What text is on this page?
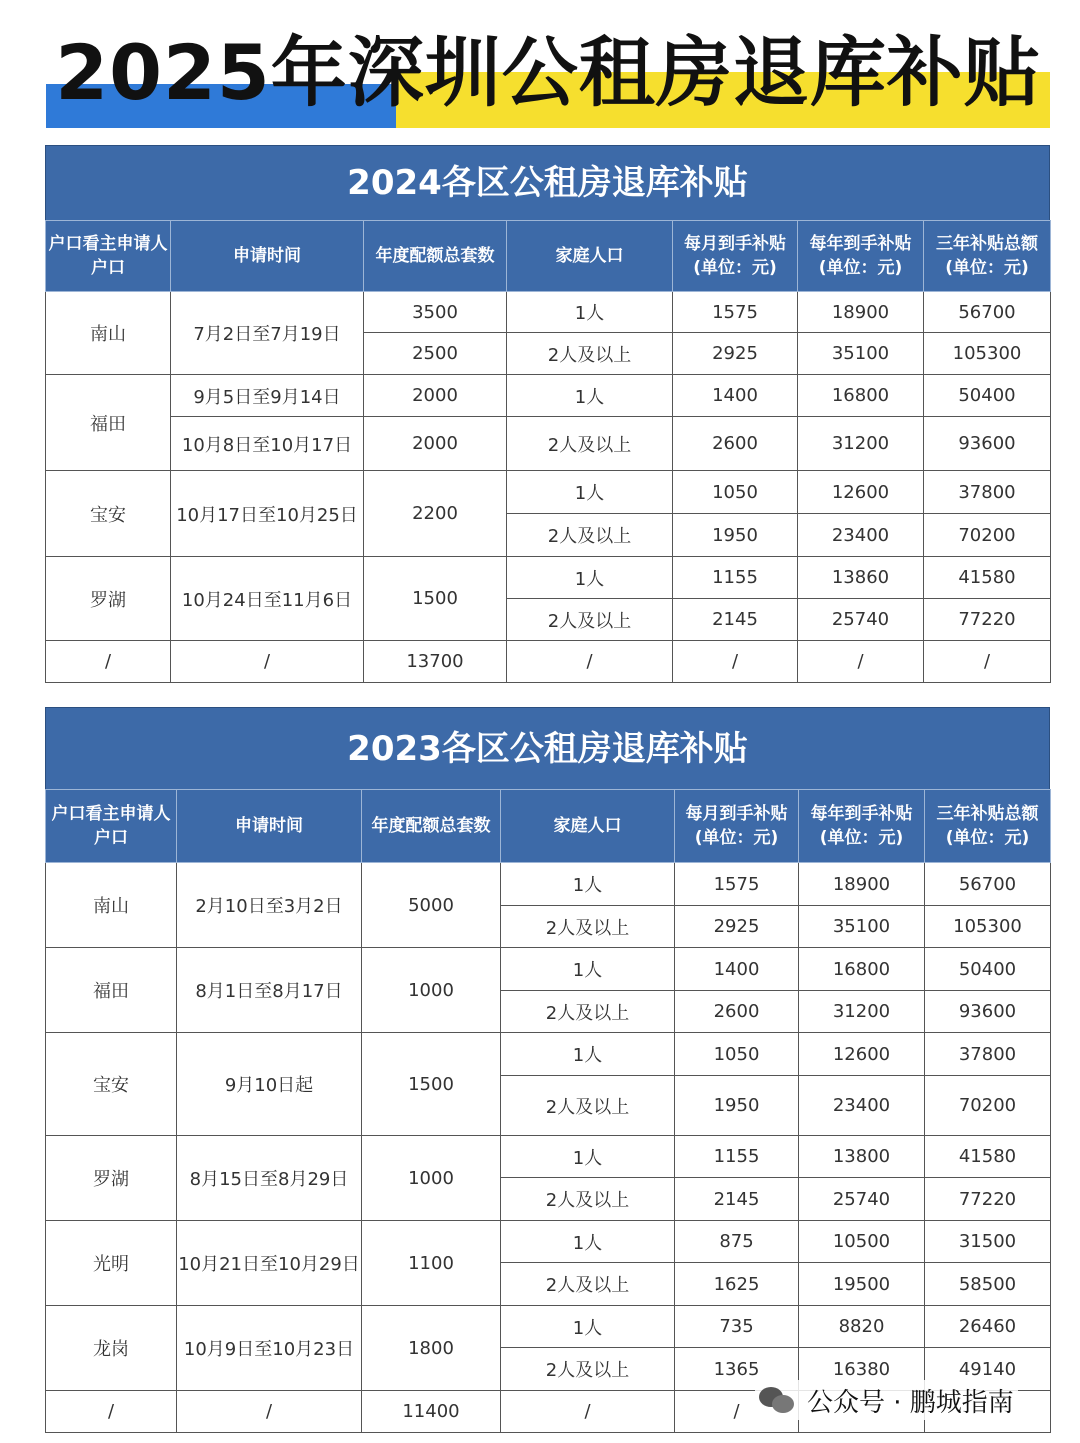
2025年深圳公租房退库补贴
2024各区公租房退库补贴
户口看主申请人户口	申请时间	年度配额总套数	家庭人口	每月到手补贴(单位：元)	每年到手补贴(单位：元)	三年补贴总额(单位：元)
南山	7月2日至7月19日	3500	1人	1575	18900	56700
		2500	2人及以上	2925	35100	105300
福田	9月5日至9月14日	2000	1人	1400	16800	50400
	10月8日至10月17日	2000	2人及以上	2600	31200	93600
宝安	10月17日至10月25日	2200	1人	1050	12600	37800
			2人及以上	1950	23400	70200
罗湖	10月24日至11月6日	1500	1人	1155	13860	41580
			2人及以上	2145	25740	77220
/	/	13700	/	/	/	/
2023各区公租房退库补贴
户口看主申请人户口	申请时间	年度配额总套数	家庭人口	每月到手补贴(单位：元)	每年到手补贴(单位：元)	三年补贴总额(单位：元)
南山	2月10日至3月2日	5000	1人	1575	18900	56700
			2人及以上	2925	35100	105300
福田	8月1日至8月17日	1000	1人	1400	16800	50400
			2人及以上	2600	31200	93600
宝安	9月10日起	1500	1人	1050	12600	37800
			2人及以上	1950	23400	70200
罗湖	8月15日至8月29日	1000	1人	1155	13800	41580
			2人及以上	2145	25740	77220
光明	10月21日至10月29日	1100	1人	875	10500	31500
			2人及以上	1625	19500	58500
龙岗	10月9日至10月23日	1800	1人	735	8820	26460
			2人及以上	1365	16380	49140
/	/	11400	/	/			公众号 · 鹏城指南
